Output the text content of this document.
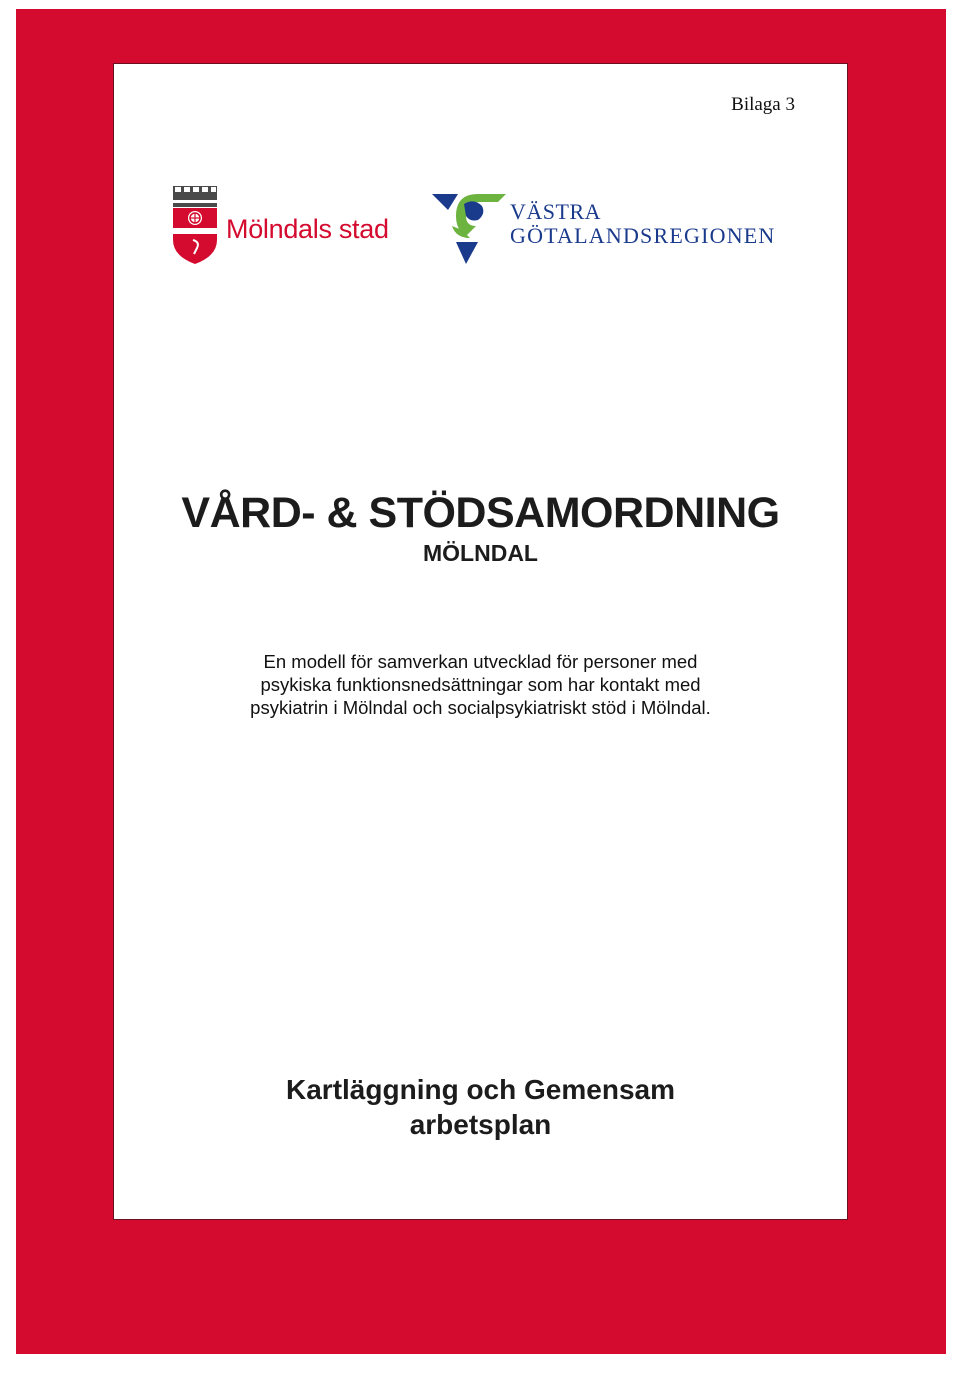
Bilaga 3
Mölndals stad
VÄSTRA
GÖTALANDSREGIONEN
VÅRD- & STÖDSAMORDNING
MÖLNDAL
En modell för samverkan utvecklad för personer med
psykiska funktionsnedsättningar som har kontakt med
psykiatrin i Mölndal och socialpsykiatriskt stöd i Mölndal.
Kartläggning och Gemensam
arbetsplan
